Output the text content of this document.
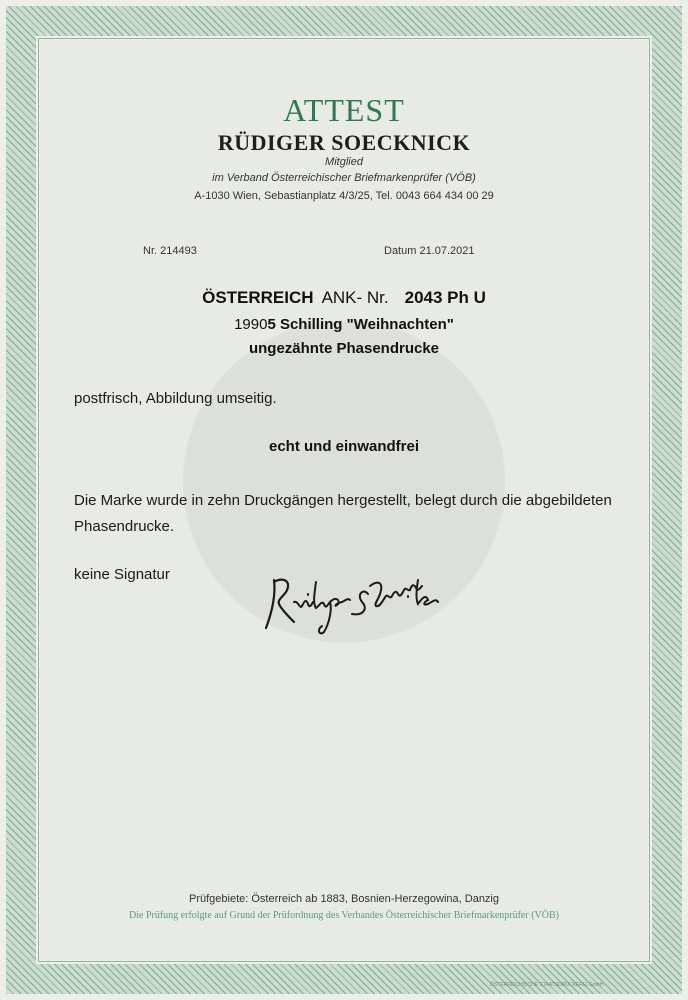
ATTEST
RÜDIGER SOECKNICK
Mitglied
im Verband Österreichischer Briefmarkenprüfer (VÖB)
A-1030 Wien, Sebastianplatz 4/3/25, Tel. 0043 664 434 00 29
Nr. 214493	Datum 21.07.2021
ÖSTERREICH ANK- Nr. 2043 Ph U
19905 Schilling "Weihnachten"
ungezähnte Phasendrucke
postfrisch, Abbildung umseitig.
echt und einwandfrei
Die Marke wurde in zehn Druckgängen hergestellt, belegt durch die abgebildeten Phasendrucke.
keine Signatur
Prüfgebiete: Österreich ab 1883, Bosnien-Herzegowina, Danzig
Die Prüfung erfolgte auf Grund der Prüfordnung des Verbandes Österreichischer Briefmarkenprüfer (VÖB)
ÖSTERREICHISCHE STAATSDRUCKEREI GmbH
